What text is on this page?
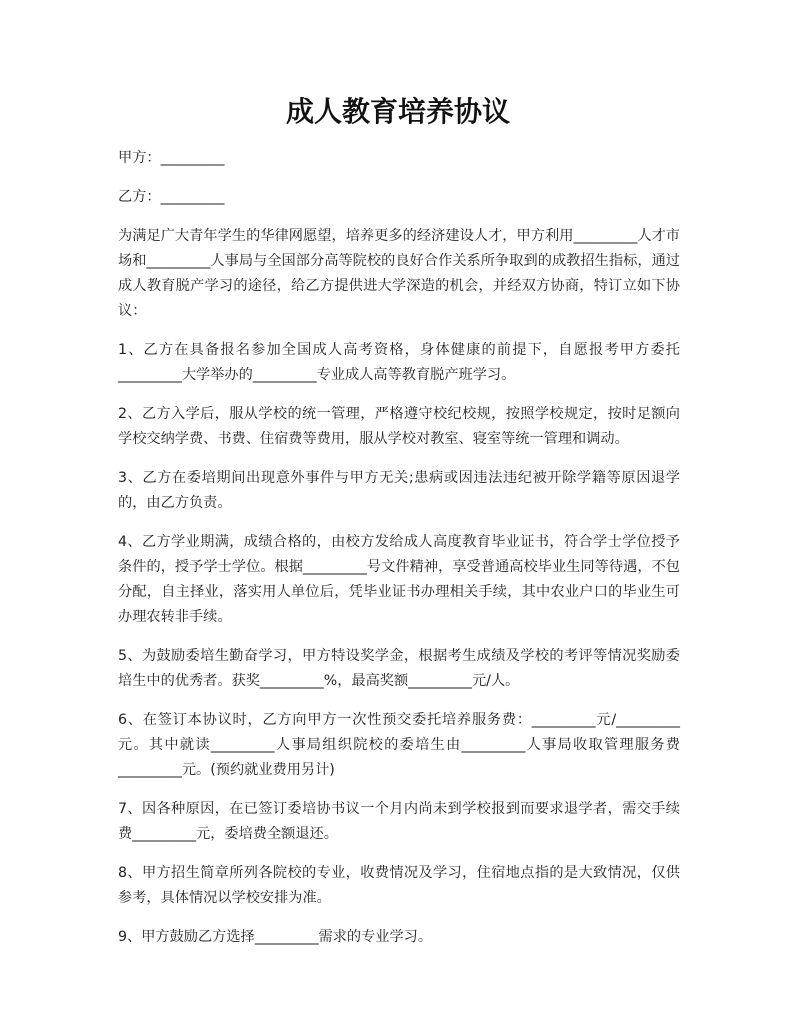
成人教育培养协议

甲方：_________

乙方：_________

为满足广大青年学生的华律网愿望，培养更多的经济建设人才，甲方利用_________人才市场和_________人事局与全国部分高等院校的良好合作关系所争取到的成教招生指标，通过成人教育脱产学习的途径，给乙方提供进大学深造的机会，并经双方协商，特订立如下协议：

1、乙方在具备报名参加全国成人高考资格，身体健康的前提下，自愿报考甲方委托_________大学举办的_________专业成人高等教育脱产班学习。

2、乙方入学后，服从学校的统一管理，严格遵守校纪校规，按照学校规定，按时足额向学校交纳学费、书费、住宿费等费用，服从学校对教室、寝室等统一管理和调动。

3、乙方在委培期间出现意外事件与甲方无关;患病或因违法违纪被开除学籍等原因退学的，由乙方负责。

4、乙方学业期满，成绩合格的，由校方发给成人高度教育毕业证书，符合学士学位授予条件的，授予学士学位。根据_________号文件精神，享受普通高校毕业生同等待遇，不包分配，自主择业，落实用人单位后，凭毕业证书办理相关手续，其中农业户口的毕业生可办理农转非手续。

5、为鼓励委培生勤奋学习，甲方特设奖学金，根据考生成绩及学校的考评等情况奖励委培生中的优秀者。获奖_________%，最高奖额_________元/人。

6、在签订本协议时，乙方向甲方一次性预交委托培养服务费：_________元/_________元。其中就读_________人事局组织院校的委培生由_________人事局收取管理服务费_________元。(预约就业费用另计)

7、因各种原因，在已签订委培协书议一个月内尚未到学校报到而要求退学者，需交手续费_________元，委培费全额退还。

8、甲方招生简章所列各院校的专业，收费情况及学习，住宿地点指的是大致情况，仅供参考，具体情况以学校安排为准。

9、甲方鼓励乙方选择_________需求的专业学习。
